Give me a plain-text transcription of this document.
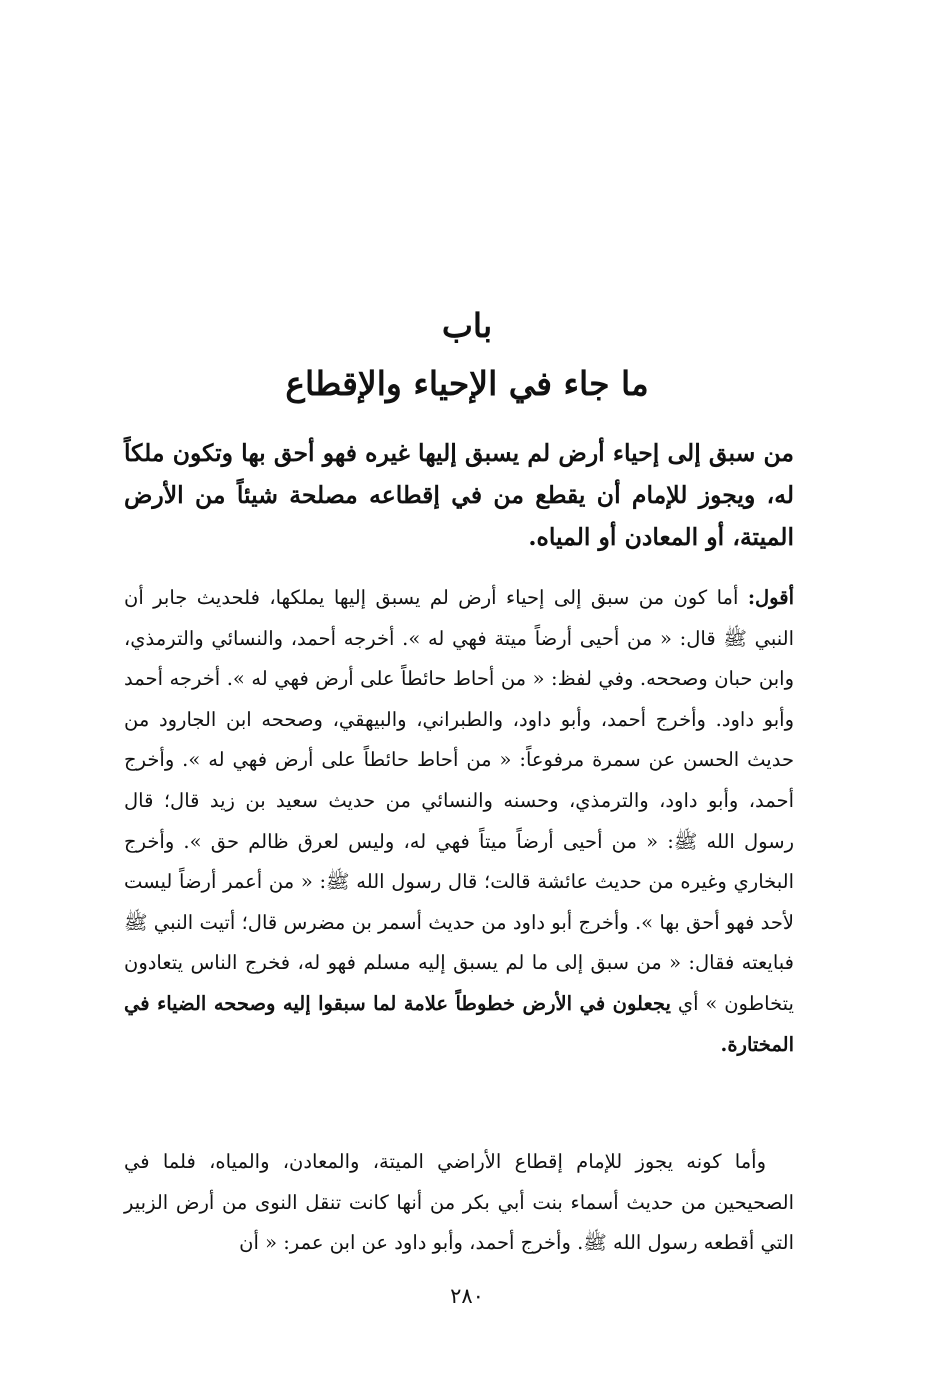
باب
ما جاء في الإحياء والإقطاع

من سبق إلى إحياء أرض لم يسبق إليها غيره فهو أحق بها وتكون ملكاً له، ويجوز للإمام أن يقطع من في إقطاعه مصلحة شيئاً من الأرض الميتة، أو المعادن أو المياه.

أقول: أما كون من سبق إلى إحياء أرض لم يسبق إليها يملكها، فلحديث جابر أن النبي ﷺ قال: « من أحيى أرضاً ميتة فهي له ». أخرجه أحمد، والنسائي والترمذي، وابن حبان وصححه. وفي لفظ: « من أحاط حائطاً على أرض فهي له ». أخرجه أحمد وأبو داود. وأخرج أحمد، وأبو داود، والطبراني، والبيهقي، وصححه ابن الجارود من حديث الحسن عن سمرة مرفوعاً: « من أحاط حائطاً على أرض فهي له ». وأخرج أحمد، وأبو داود، والترمذي، وحسنه والنسائي من حديث سعيد بن زيد قال؛ قال رسول الله ﷺ: « من أحيى أرضاً ميتاً فهي له، وليس لعرق ظالم حق ». وأخرج البخاري وغيره من حديث عائشة قالت؛ قال رسول الله ﷺ: « من أعمر أرضاً ليست لأحد فهو أحق بها ». وأخرج أبو داود من حديث أسمر بن مضرس قال؛ أتيت النبي ﷺ فبايعته فقال: « من سبق إلى ما لم يسبق إليه مسلم فهو له، فخرج الناس يتعادون يتخاطون » أي يجعلون في الأرض خطوطاً علامة لما سبقوا إليه وصححه الضياء في المختارة.

وأما كونه يجوز للإمام إقطاع الأراضي الميتة، والمعادن، والمياه، فلما في الصحيحين من حديث أسماء بنت أبي بكر من أنها كانت تنقل النوى من أرض الزبير التي أقطعه رسول الله ﷺ. وأخرج أحمد، وأبو داود عن ابن عمر: « أن

٢٨٠
